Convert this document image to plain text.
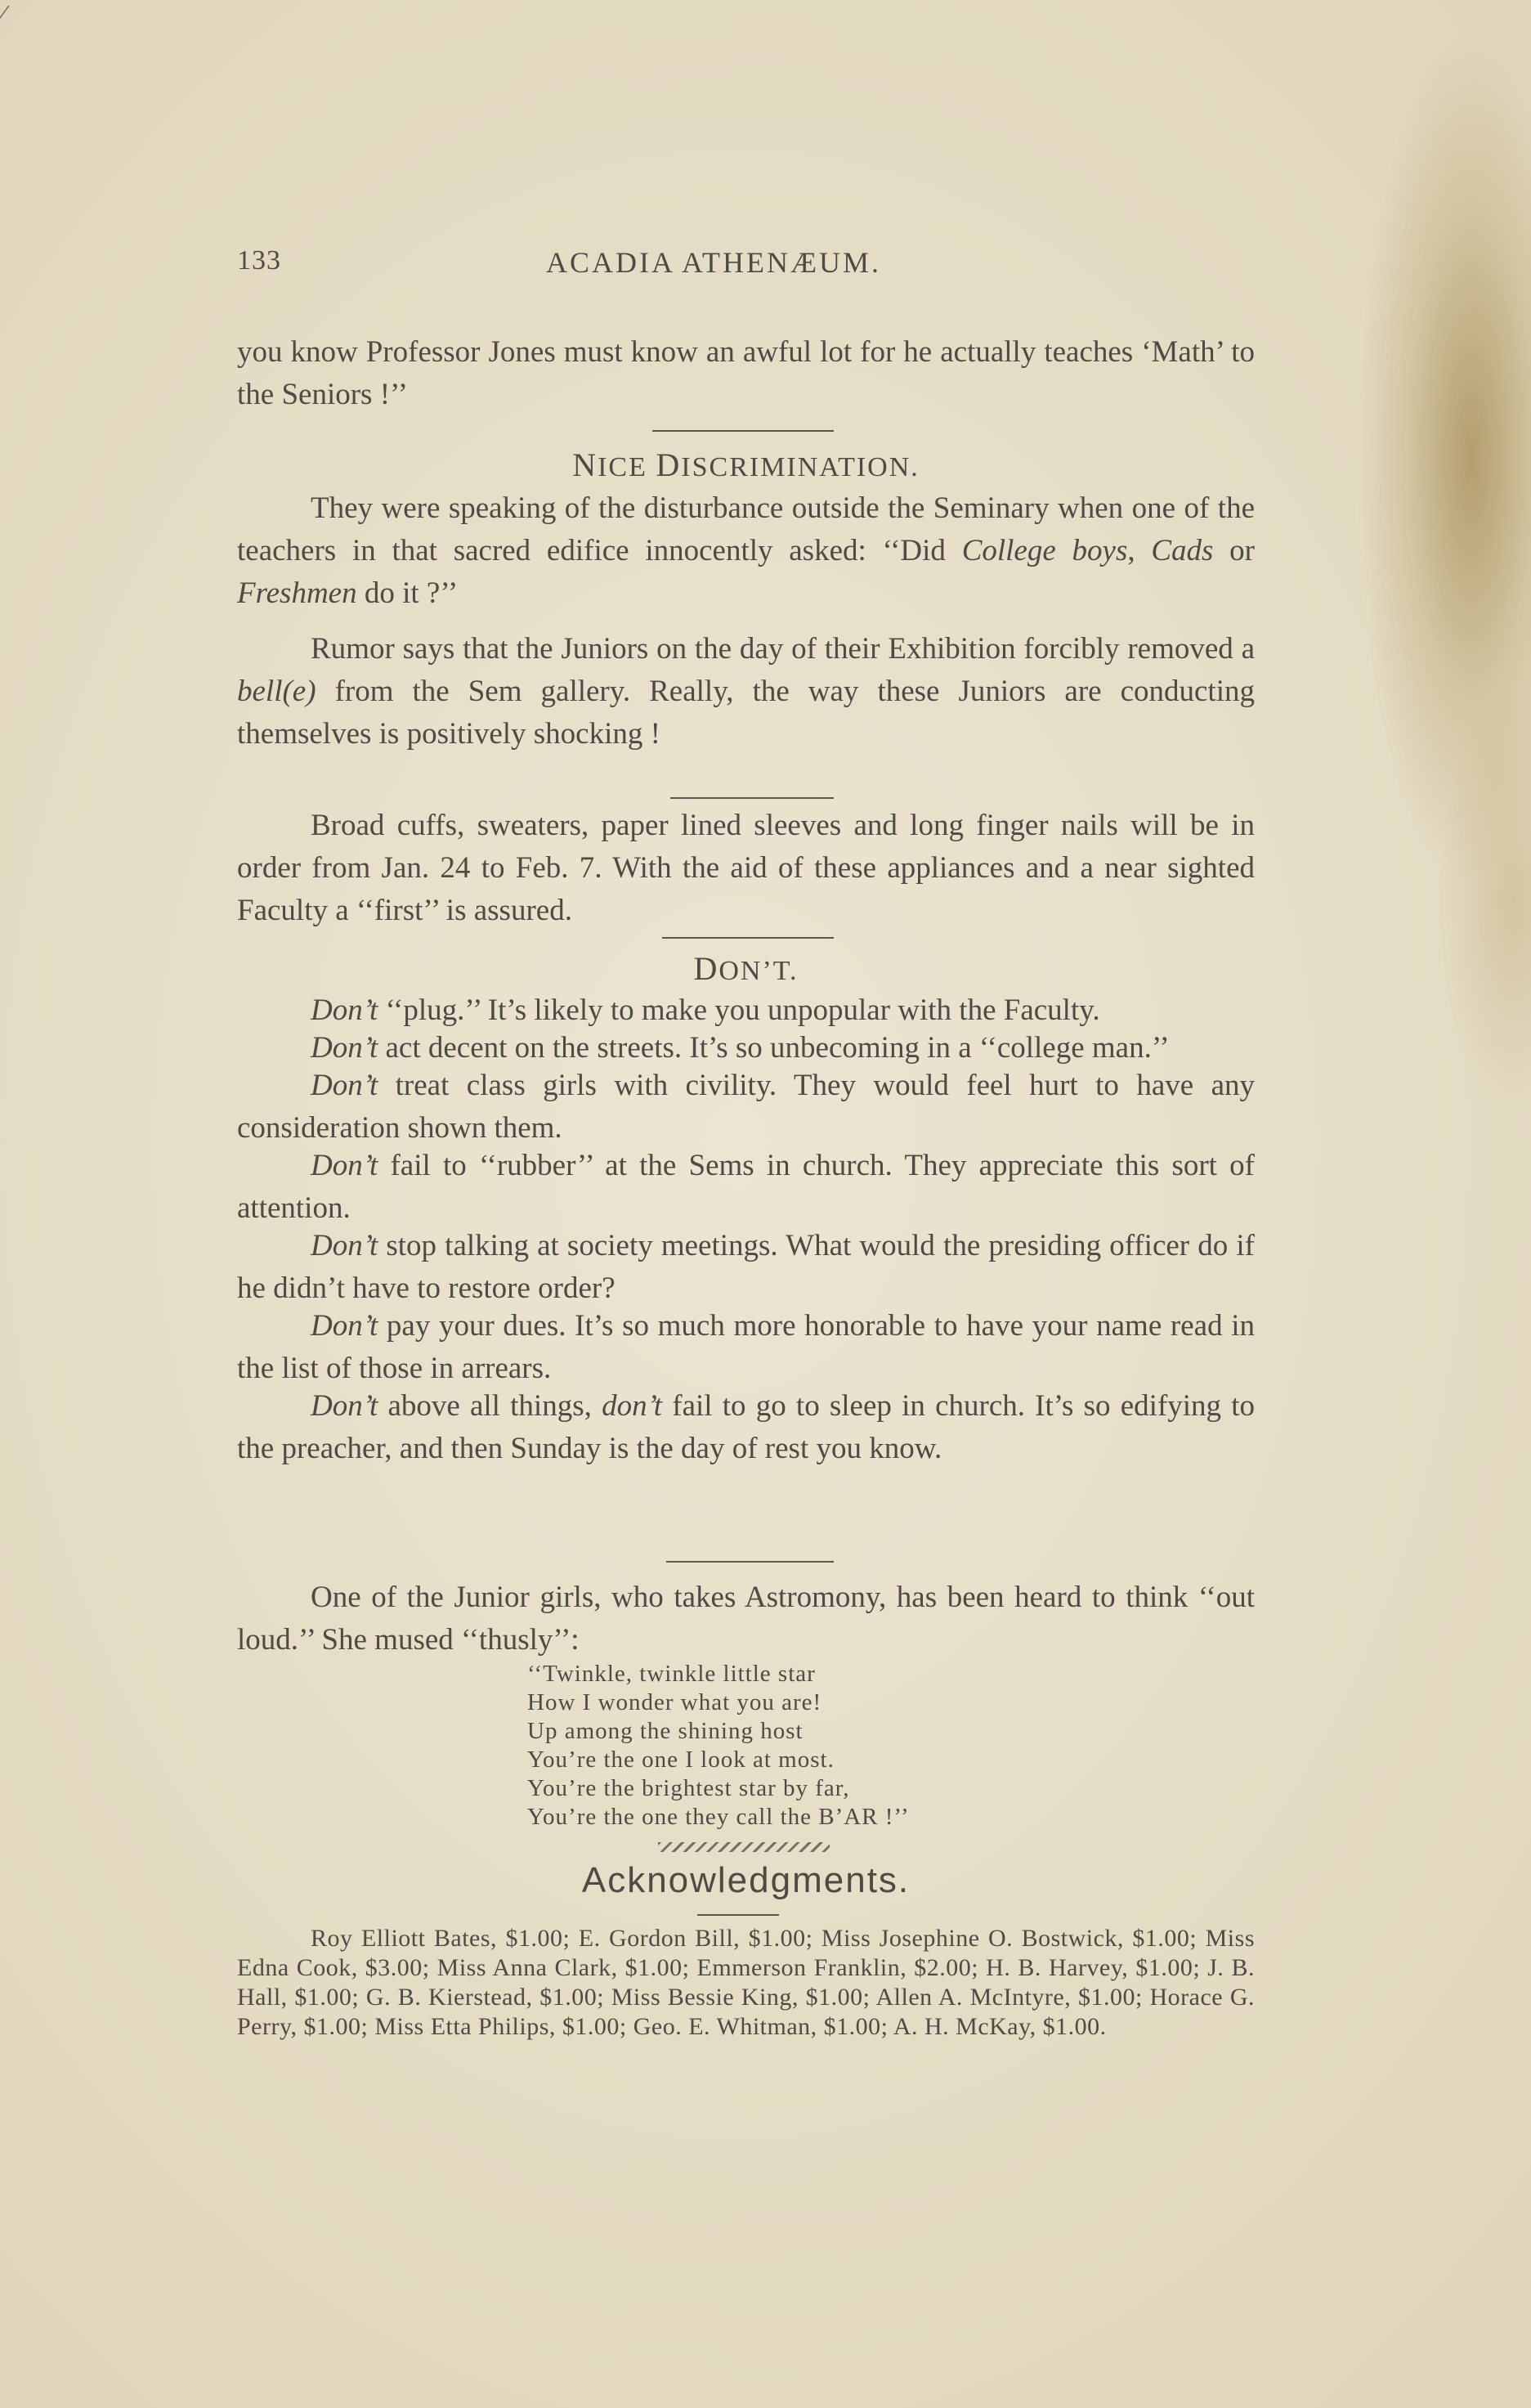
⁄
133	ACADIA ATHENÆUM.

you know Professor Jones must know an awful lot for he actually teaches ‘Math’ to the Seniors !’’

NICE DISCRIMINATION.

They were speaking of the disturbance outside the Seminary when one of the teachers in that sacred edifice innocently asked: ‘‘Did College boys, Cads or Freshmen do it ?’’

Rumor says that the Juniors on the day of their Exhibition forcibly removed a bell(e) from the Sem gallery. Really, the way these Juniors are conducting themselves is positively shocking !

Broad cuffs, sweaters, paper lined sleeves and long finger nails will be in order from Jan. 24 to Feb. 7. With the aid of these appliances and a near sighted Faculty a ‘‘first’’ is assured.

DON’T.

Don’t ‘‘plug.’’ It’s likely to make you unpopular with the Faculty.

Don’t act decent on the streets. It’s so unbecoming in a ‘‘college man.’’

Don’t treat class girls with civility. They would feel hurt to have any consideration shown them.

Don’t fail to ‘‘rubber’’ at the Sems in church. They appreciate this sort of attention.

Don’t stop talking at society meetings. What would the presiding officer do if he didn’t have to restore order?

Don’t pay your dues. It’s so much more honorable to have your name read in the list of those in arrears.

Don’t above all things, don’t fail to go to sleep in church. It’s so edifying to the preacher, and then Sunday is the day of rest you know.

One of the Junior girls, who takes Astromony, has been heard to think ‘‘out loud.’’ She mused ‘‘thusly’’:

‘‘Twinkle, twinkle little star
How I wonder what you are!
Up among the shining host
You’re the one I look at most.
You’re the brightest star by far,
You’re the one they call the B’AR !’’
Acknowledgments.

Roy Elliott Bates, $1.00; E. Gordon Bill, $1.00; Miss Josephine O. Bostwick, $1.00; Miss Edna Cook, $3.00; Miss Anna Clark, $1.00; Emmerson Franklin, $2.00; H. B. Harvey, $1.00; J. B. Hall, $1.00; G. B. Kierstead, $1.00; Miss Bessie King, $1.00; Allen A. McIntyre, $1.00; Horace G. Perry, $1.00; Miss Etta Philips, $1.00; Geo. E. Whitman, $1.00; A. H. McKay, $1.00.
